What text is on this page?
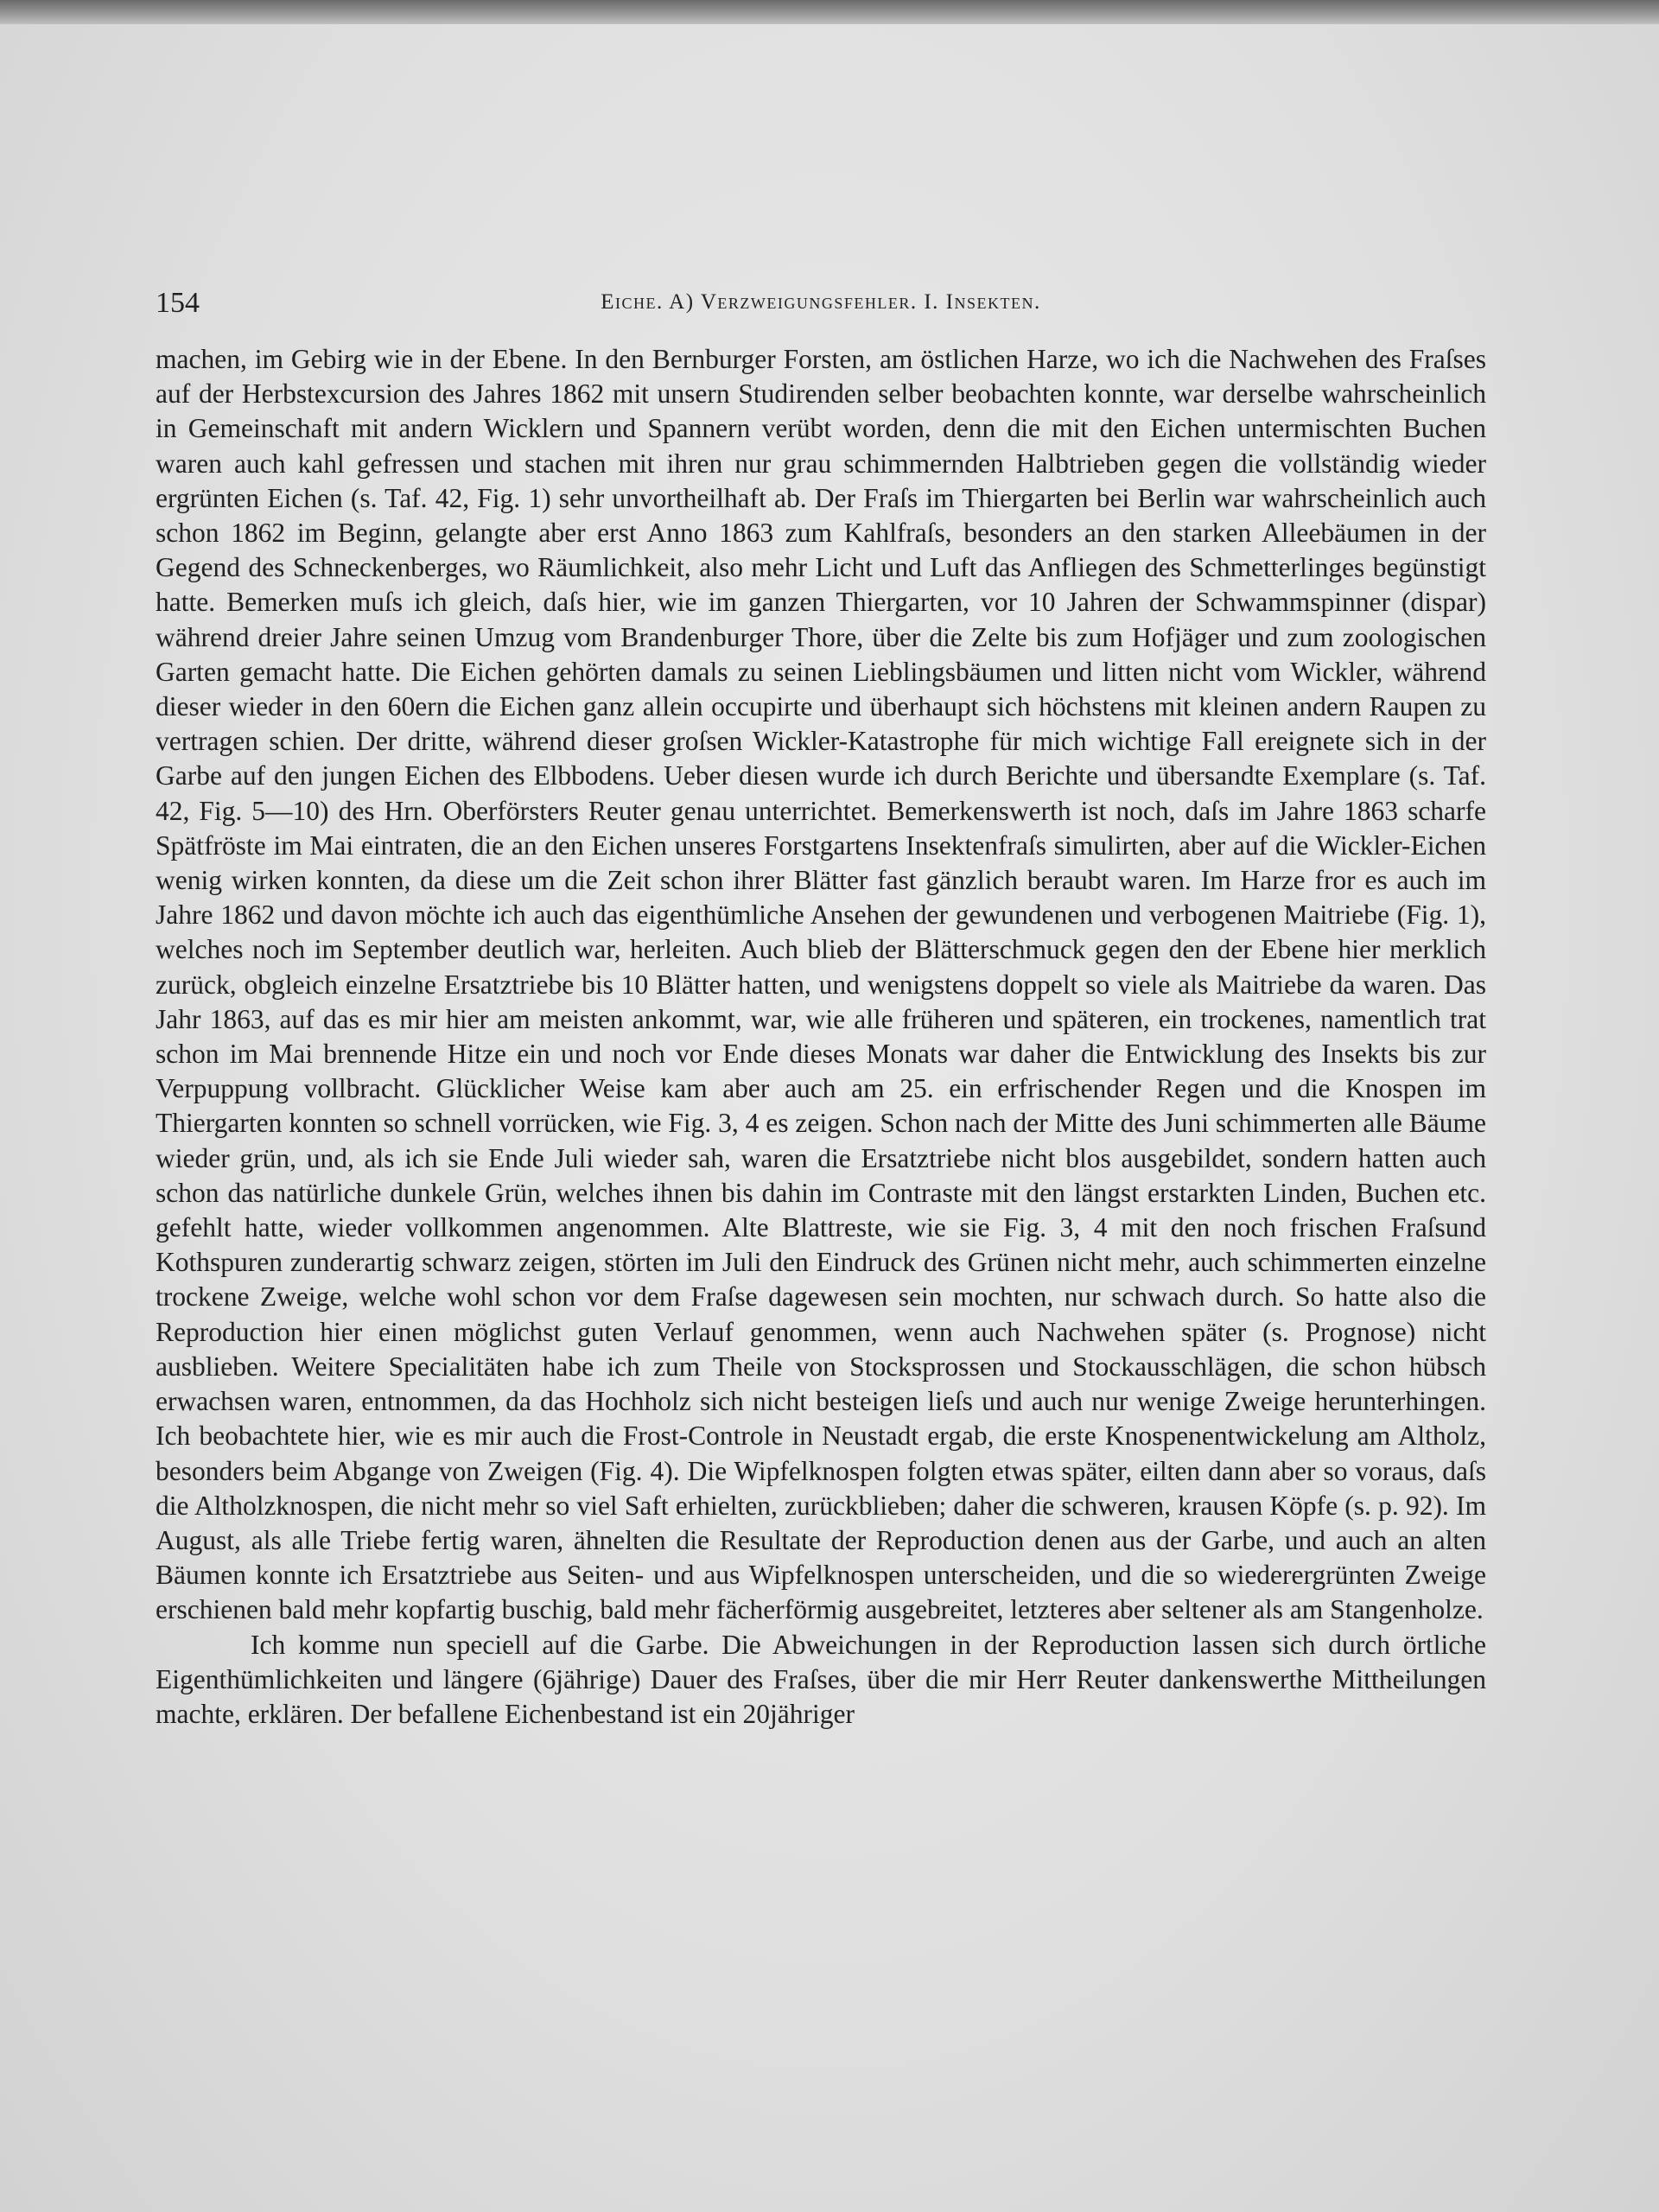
154	Eiche. A) Verzweigungsfehler. I. Insekten.

machen, im Gebirg wie in der Ebene. In den Bernburger Forsten, am östlichen Harze, wo ich die Nachwehen des Fraſses auf der Herbstexcursion des Jahres 1862 mit unsern Studirenden selber beobachten konnte, war derselbe wahrscheinlich in Gemeinschaft mit andern Wicklern und Spannern verübt worden, denn die mit den Eichen untermischten Buchen waren auch kahl gefressen und stachen mit ihren nur grau schimmernden Halbtrieben gegen die vollständig wieder ergrünten Eichen (s. Taf. 42, Fig. 1) sehr unvortheilhaft ab. Der Fraſs im Thiergarten bei Berlin war wahrscheinlich auch schon 1862 im Beginn, gelangte aber erst Anno 1863 zum Kahlfraſs, besonders an den starken Alleebäumen in der Gegend des Schneckenberges, wo Räumlichkeit, also mehr Licht und Luft das Anfliegen des Schmetterlinges begünstigt hatte. Bemerken muſs ich gleich, daſs hier, wie im ganzen Thiergarten, vor 10 Jahren der Schwammspinner (dispar) während dreier Jahre seinen Umzug vom Brandenburger Thore, über die Zelte bis zum Hofjäger und zum zoologischen Garten gemacht hatte. Die Eichen gehörten damals zu seinen Lieblingsbäumen und litten nicht vom Wickler, während dieser wieder in den 60ern die Eichen ganz allein occupirte und überhaupt sich höchstens mit kleinen andern Raupen zu vertragen schien. Der dritte, während dieser groſsen Wickler-Katastrophe für mich wichtige Fall ereignete sich in der Garbe auf den jungen Eichen des Elbbodens. Ueber diesen wurde ich durch Berichte und übersandte Exemplare (s. Taf. 42, Fig. 5—10) des Hrn. Oberförsters Reuter genau unterrichtet. Bemerkenswerth ist noch, daſs im Jahre 1863 scharfe Spätfröste im Mai eintraten, die an den Eichen unseres Forstgartens Insektenfraſs simulirten, aber auf die Wickler-Eichen wenig wirken konnten, da diese um die Zeit schon ihrer Blätter fast gänzlich beraubt waren. Im Harze fror es auch im Jahre 1862 und davon möchte ich auch das eigenthümliche Ansehen der gewundenen und verbogenen Maitriebe (Fig. 1), welches noch im September deutlich war, herleiten. Auch blieb der Blätterschmuck gegen den der Ebene hier merklich zurück, obgleich einzelne Ersatztriebe bis 10 Blätter hatten, und wenigstens doppelt so viele als Maitriebe da waren. Das Jahr 1863, auf das es mir hier am meisten ankommt, war, wie alle früheren und späteren, ein trockenes, namentlich trat schon im Mai brennende Hitze ein und noch vor Ende dieses Monats war daher die Entwicklung des Insekts bis zur Verpuppung vollbracht. Glücklicher Weise kam aber auch am 25. ein erfrischender Regen und die Knospen im Thiergarten konnten so schnell vorrücken, wie Fig. 3, 4 es zeigen. Schon nach der Mitte des Juni schimmerten alle Bäume wieder grün, und, als ich sie Ende Juli wieder sah, waren die Ersatztriebe nicht blos ausgebildet, sondern hatten auch schon das natürliche dunkele Grün, welches ihnen bis dahin im Contraste mit den längst erstarkten Linden, Buchen etc. gefehlt hatte, wieder vollkommen angenommen. Alte Blattreste, wie sie Fig. 3, 4 mit den noch frischen Fraſsund Kothspuren zunderartig schwarz zeigen, störten im Juli den Eindruck des Grünen nicht mehr, auch schimmerten einzelne trockene Zweige, welche wohl schon vor dem Fraſse dagewesen sein mochten, nur schwach durch. So hatte also die Reproduction hier einen möglichst guten Verlauf genommen, wenn auch Nachwehen später (s. Prognose) nicht ausblieben. Weitere Specialitäten habe ich zum Theile von Stocksprossen und Stockausschlägen, die schon hübsch erwachsen waren, entnommen, da das Hochholz sich nicht besteigen lieſs und auch nur wenige Zweige herunterhingen. Ich beobachtete hier, wie es mir auch die Frost-Controle in Neustadt ergab, die erste Knospenentwickelung am Altholz, besonders beim Abgange von Zweigen (Fig. 4). Die Wipfelknospen folgten etwas später, eilten dann aber so voraus, daſs die Altholzknospen, die nicht mehr so viel Saft erhielten, zurückblieben; daher die schweren, krausen Köpfe (s. p. 92). Im August, als alle Triebe fertig waren, ähnelten die Resultate der Reproduction denen aus der Garbe, und auch an alten Bäumen konnte ich Ersatztriebe aus Seiten- und aus Wipfelknospen unterscheiden, und die so wiederergrünten Zweige erschienen bald mehr kopfartig buschig, bald mehr fächerförmig ausgebreitet, letzteres aber seltener als am Stangenholze.

Ich komme nun speciell auf die Garbe. Die Abweichungen in der Reproduction lassen sich durch örtliche Eigenthümlichkeiten und längere (6jährige) Dauer des Fraſses, über die mir Herr Reuter dankenswerthe Mittheilungen machte, erklären. Der befallene Eichenbestand ist ein 20jähriger
